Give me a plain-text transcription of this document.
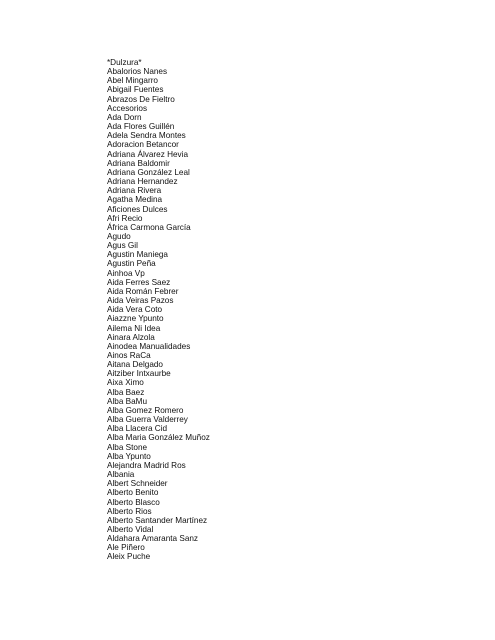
*Dulzura*
Abalorios Nanes
Abel Mingarro
Abigail Fuentes
Abrazos De Fieltro
Accesorios
Ada Dorn
Ada Flores Guillén
Adela Sendra Montes
Adoracion Betancor
Adriana Álvarez Hevia
Adriana Baldomir
Adriana González Leal
Adriana Hernandez
Adriana Rivera
Agatha Medina
Aficiones Dulces
Afri Recio
África Carmona García
Agudo
Agus Gil
Agustin Maniega
Agustin Peña
Ainhoa Vp
Aida Ferres Saez
Aida Román Febrer
Aida Veiras Pazos
Aida Vera Coto
Aiazzne Ypunto
Ailema Ni Idea
Ainara Alzola
Ainodea Manualidades
Ainos RaCa
Aitana Delgado
Aitziber Intxaurbe
Aixa Ximo
Alba Baez
Alba BaMu
Alba Gomez Romero
Alba Guerra Valderrey
Alba Llacera Cid
Alba Maria González Muñoz
Alba Stone
Alba Ypunto
Alejandra Madrid Ros
Albania
Albert Schneider
Alberto Benito
Alberto Blasco
Alberto Rios
Alberto Santander Martínez
Alberto Vidal
Aldahara Amaranta Sanz
Ale Piñero
Aleix Puche
